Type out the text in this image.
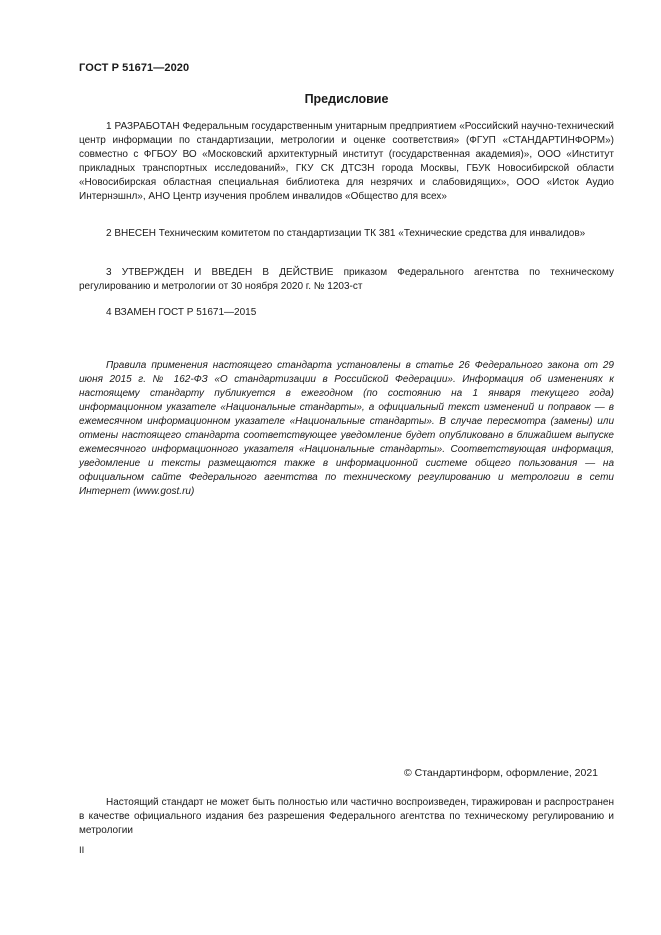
ГОСТ Р 51671—2020
Предисловие

1 РАЗРАБОТАН Федеральным государственным унитарным предприятием «Российский научно-технический центр информации по стандартизации, метрологии и оценке соответствия» (ФГУП «СТАНДАРТИНФОРМ») совместно с ФГБОУ ВО «Московский архитектурный институт (государственная академия)», ООО «Институт прикладных транспортных исследований», ГКУ СК ДТСЗН города Москвы, ГБУК Новосибирской области «Новосибирская областная специальная библиотека для незрячих и слабовидящих», ООО «Исток Аудио Интернэшнл», АНО Центр изучения проблем инвалидов «Общество для всех»

2 ВНЕСЕН Техническим комитетом по стандартизации ТК 381 «Технические средства для инвалидов»

3 УТВЕРЖДЕН И ВВЕДЕН В ДЕЙСТВИЕ приказом Федерального агентства по техническому регулированию и метрологии от 30 ноября 2020 г. № 1203-ст

4 ВЗАМЕН ГОСТ Р 51671—2015

Правила применения настоящего стандарта установлены в статье 26 Федерального закона от 29 июня 2015 г. № 162-ФЗ «О стандартизации в Российской Федерации». Информация об изменениях к настоящему стандарту публикуется в ежегодном (по состоянию на 1 января текущего года) информационном указателе «Национальные стандарты», а официальный текст изменений и поправок — в ежемесячном информационном указателе «Национальные стандарты». В случае пересмотра (замены) или отмены настоящего стандарта соответствующее уведомление будет опубликовано в ближайшем выпуске ежемесячного информационного указателя «Национальные стандарты». Соответствующая информация, уведомление и тексты размещаются также в информационной системе общего пользования — на официальном сайте Федерального агентства по техническому регулированию и метрологии в сети Интернет (www.gost.ru)

© Стандартинформ, оформление, 2021

Настоящий стандарт не может быть полностью или частично воспроизведен, тиражирован и распространен в качестве официального издания без разрешения Федерального агентства по техническому регулированию и метрологии

II
